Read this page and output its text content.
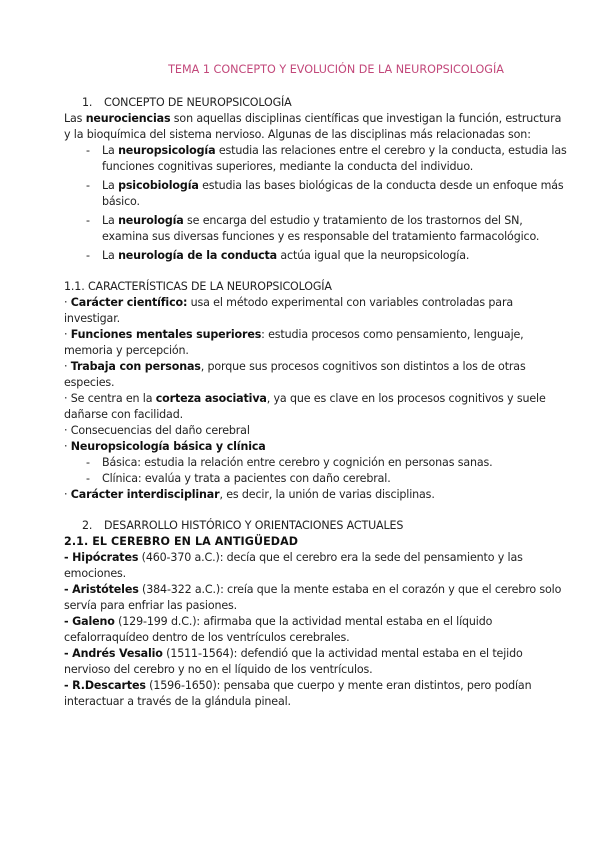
TEMA 1 CONCEPTO Y EVOLUCIÓN DE LA NEUROPSICOLOGÍA
1. CONCEPTO DE NEUROPSICOLOGÍA

Las neurociencias son aquellas disciplinas científicas que investigan la función, estructura y la bioquímica del sistema nervioso. Algunas de las disciplinas más relacionadas son:

- La neuropsicología estudia las relaciones entre el cerebro y la conducta, estudia las funciones cognitivas superiores, mediante la conducta del individuo.
- La psicobiología estudia las bases biológicas de la conducta desde un enfoque más básico.
- La neurología se encarga del estudio y tratamiento de los trastornos del SN, examina sus diversas funciones y es responsable del tratamiento farmacológico.
- La neurología de la conducta actúa igual que la neuropsicología.
1.1. CARACTERÍSTICAS DE LA NEUROPSICOLOGÍA

· Carácter científico: usa el método experimental con variables controladas para investigar.

· Funciones mentales superiores: estudia procesos como pensamiento, lenguaje, memoria y percepción.

· Trabaja con personas, porque sus procesos cognitivos son distintos a los de otras especies.

· Se centra en la corteza asociativa, ya que es clave en los procesos cognitivos y suele dañarse con facilidad.

· Consecuencias del daño cerebral

· Neuropsicología básica y clínica

- Básica: estudia la relación entre cerebro y cognición en personas sanas.
- Clínica: evalúa y trata a pacientes con daño cerebral.

· Carácter interdisciplinar, es decir, la unión de varias disciplinas.

2. DESARROLLO HISTÓRICO Y ORIENTACIONES ACTUALES
2.1. EL CEREBRO EN LA ANTIGÜEDAD

- Hipócrates (460-370 a.C.): decía que el cerebro era la sede del pensamiento y las emociones.

- Aristóteles (384-322 a.C.): creía que la mente estaba en el corazón y que el cerebro solo servía para enfriar las pasiones.

- Galeno (129-199 d.C.): afirmaba que la actividad mental estaba en el líquido cefalorraquídeo dentro de los ventrículos cerebrales.

- Andrés Vesalio (1511-1564): defendió que la actividad mental estaba en el tejido nervioso del cerebro y no en el líquido de los ventrículos.

- R.Descartes (1596-1650): pensaba que cuerpo y mente eran distintos, pero podían interactuar a través de la glándula pineal.
